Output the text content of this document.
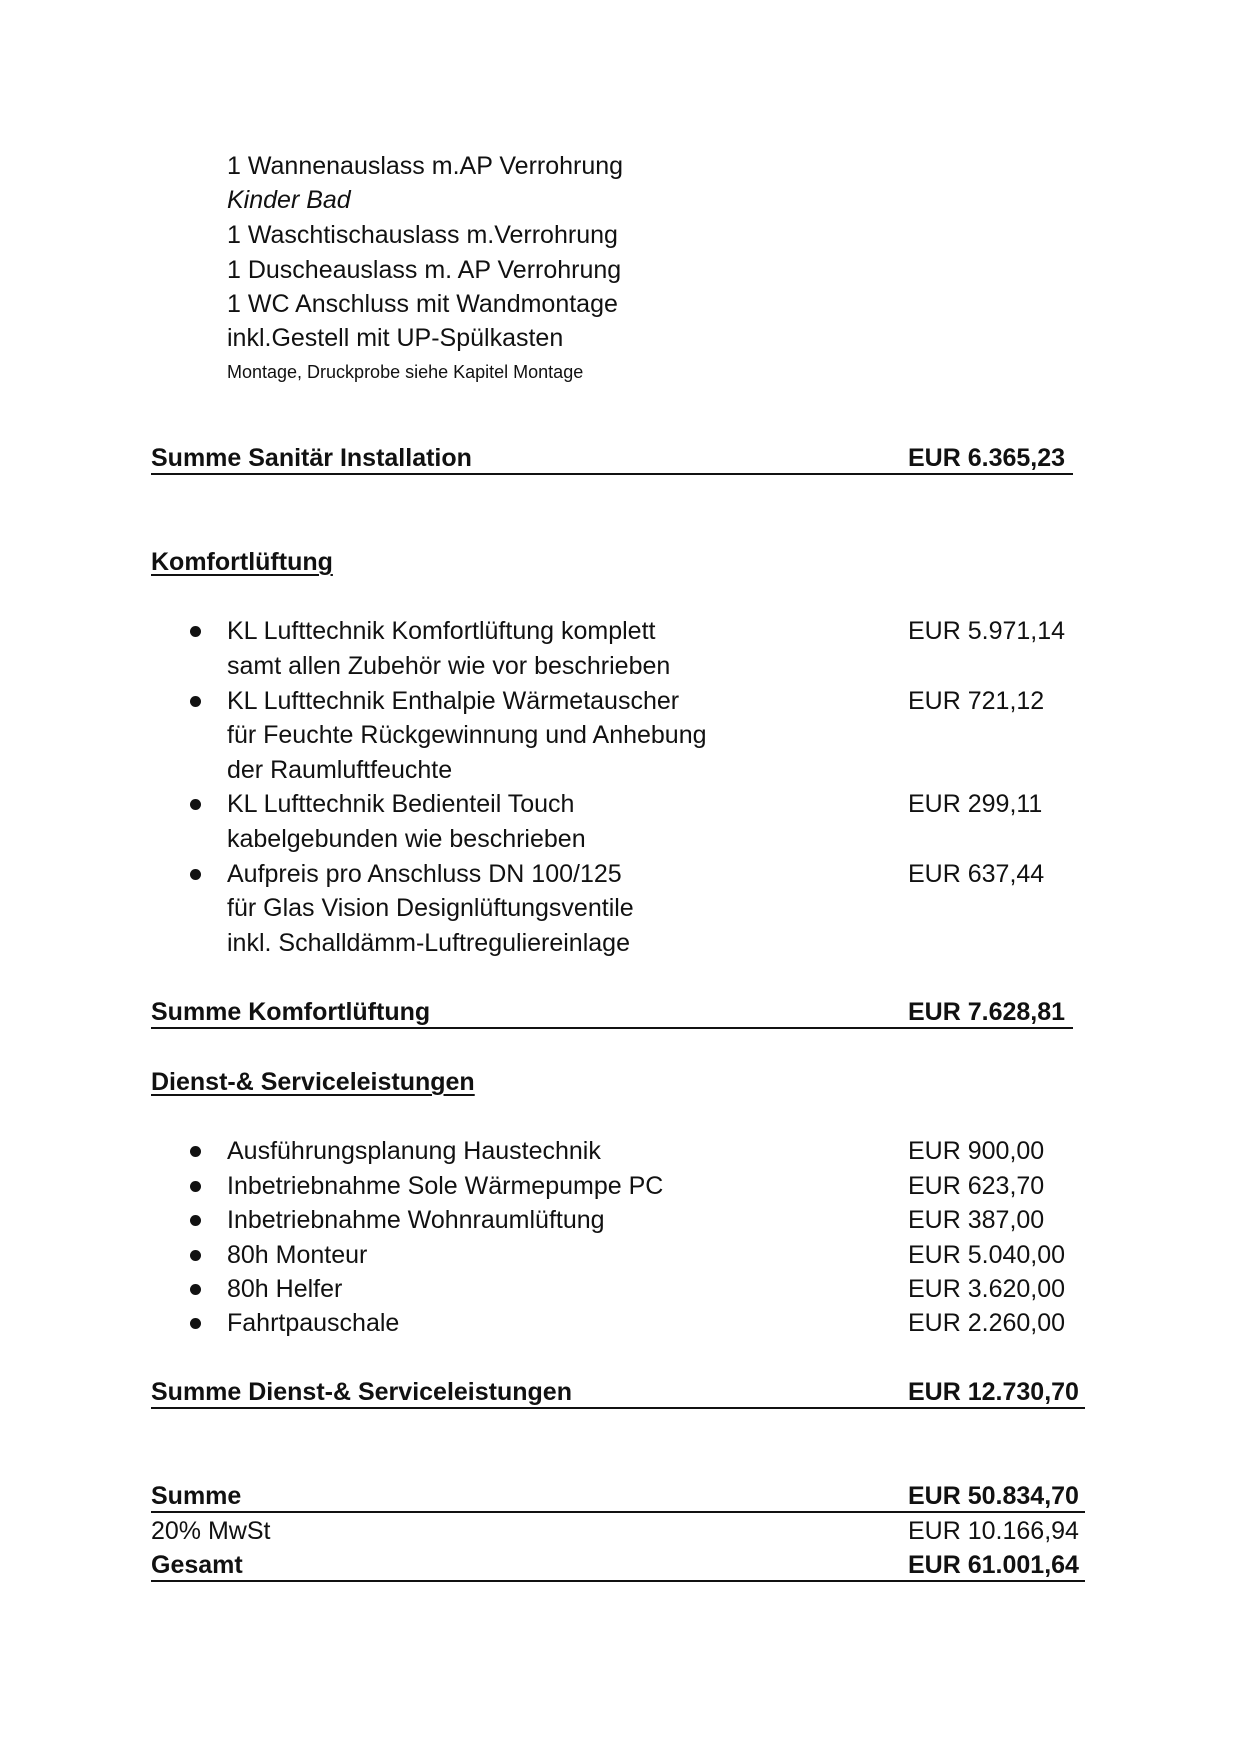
1 Wannenauslass m.AP Verrohrung
Kinder Bad
1 Waschtischauslass m.Verrohrung
1 Duscheauslass m. AP Verrohrung
1 WC Anschluss mit Wandmontage
inkl.Gestell mit UP-Spülkasten
Montage, Druckprobe siehe Kapitel Montage
Summe Sanitär Installation	EUR 6.365,23
Komfortlüftung
KL Lufttechnik Komfortlüftung komplett
samt allen Zubehör wie vor beschrieben
EUR 5.971,14
KL Lufttechnik Enthalpie Wärmetauscher
für Feuchte Rückgewinnung und Anhebung
der Raumluftfeuchte
EUR 721,12
KL Lufttechnik Bedienteil Touch
kabelgebunden wie beschrieben
EUR 299,11
Aufpreis pro Anschluss DN 100/125
für Glas Vision Designlüftungsventile
inkl. Schalldämm-Luftreguliereinlage
EUR 637,44
Summe Komfortlüftung	EUR 7.628,81
Dienst-& Serviceleistungen
Ausführungsplanung Haustechnik	EUR 900,00
Inbetriebnahme Sole Wärmepumpe PC	EUR 623,70
Inbetriebnahme Wohnraumlüftung	EUR 387,00
80h Monteur	EUR 5.040,00
80h Helfer	EUR 3.620,00
Fahrtpauschale	EUR 2.260,00
Summe Dienst-& Serviceleistungen	EUR 12.730,70
Summe	EUR 50.834,70
20% MwSt	EUR 10.166,94
Gesamt	EUR 61.001,64
